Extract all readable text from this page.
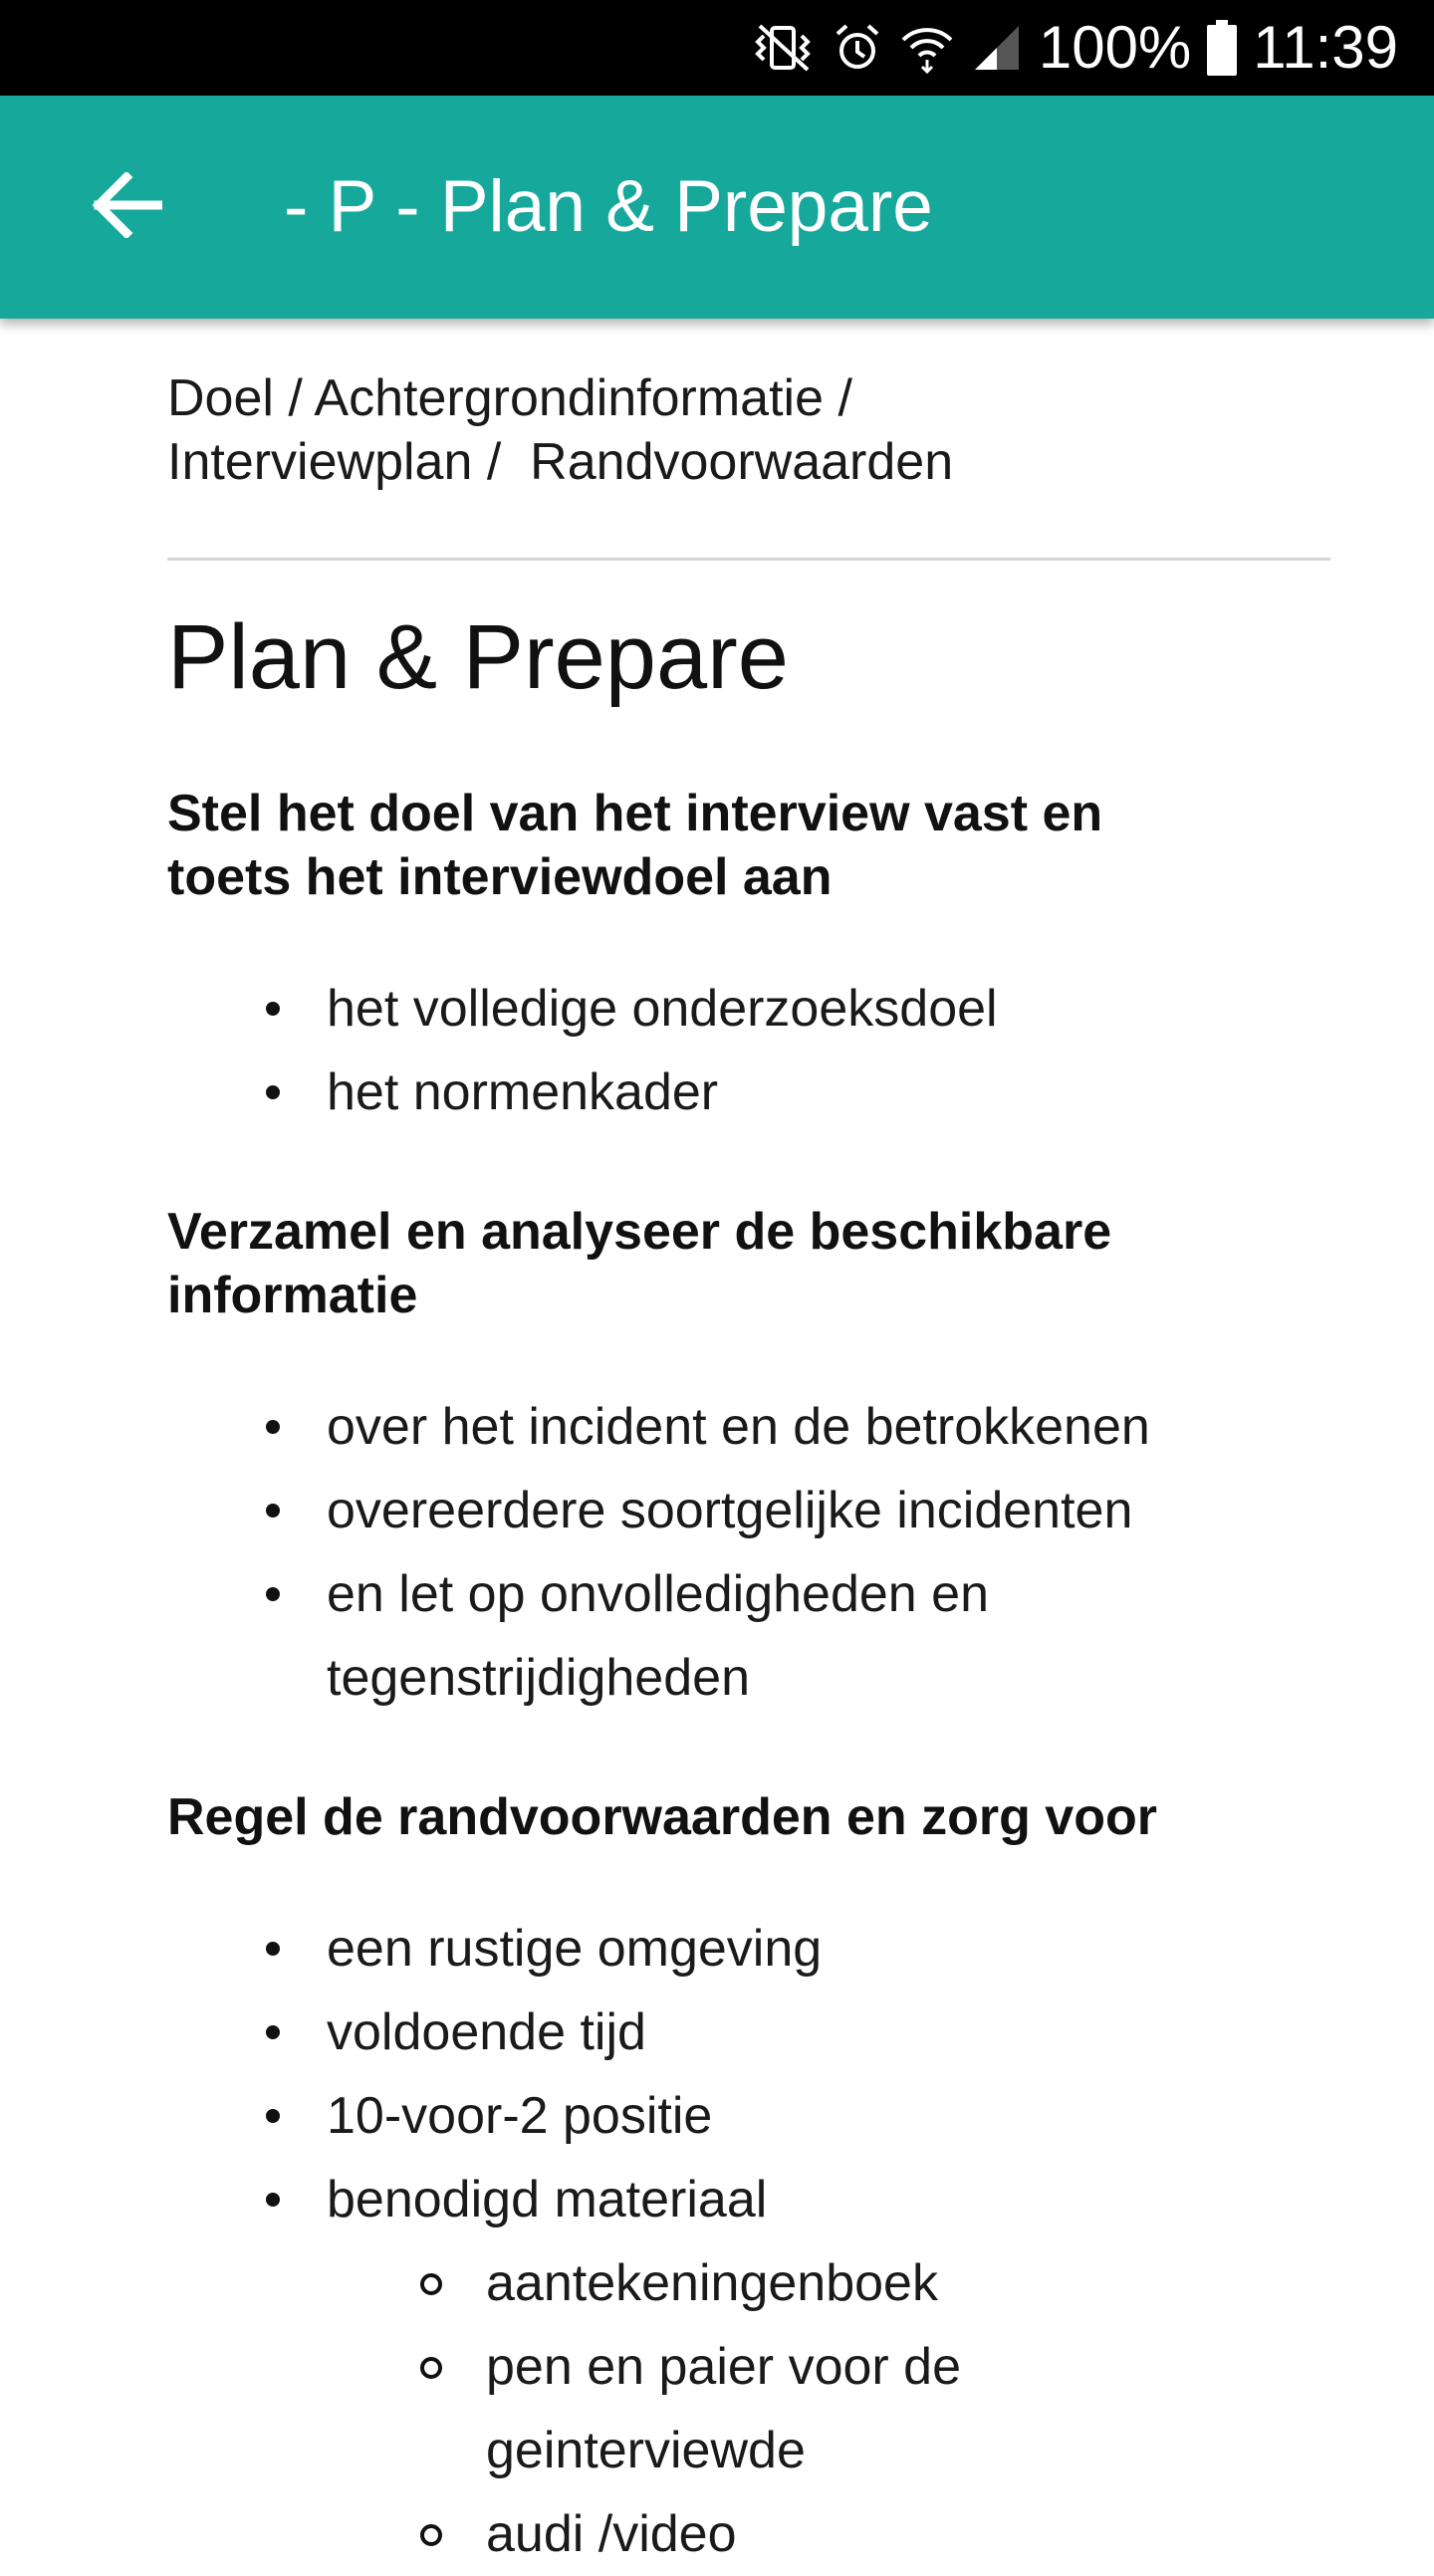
100% 11:39
- P - Plan & Prepare
Doel / Achtergrondinformatie /
Interviewplan /  Randvoorwaarden
Plan & Prepare

Stel het doel van het interview vast en toets het interviewdoel aan

het volledige onderzoeksdoel
het normenkader

Verzamel en analyseer de beschikbare informatie

over het incident en de betrokkenen
overeerdere soortgelijke incidenten
en let op onvolledigheden en tegenstrijdigheden

Regel de randvoorwaarden en zorg voor

een rustige omgeving
voldoende tijd
10-voor-2 positie
benodigd materiaal
aantekeningenboek
pen en paier voor de geinterviewde
audi /video
